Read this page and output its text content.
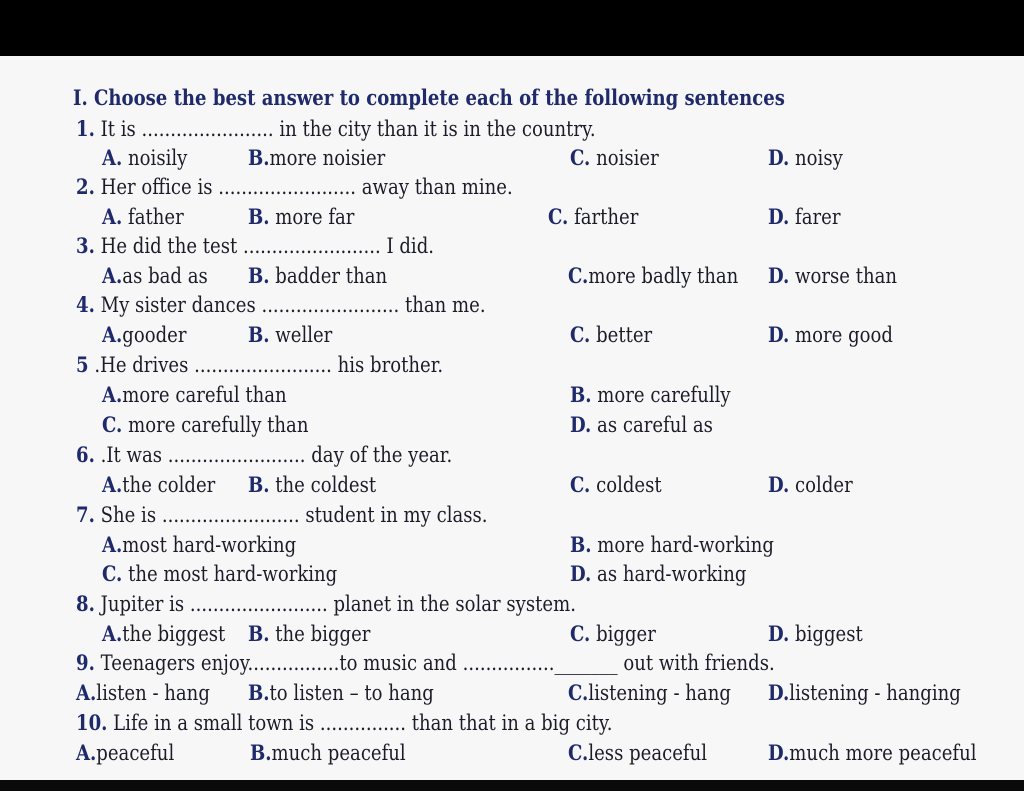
I. Choose the best answer to complete each of the following sentences
1. It is ....................... in the city than it is in the country.
A. noisily	B.more noisier	C. noisier	D. noisy
2. Her office is ........................ away than mine.
A. father	B. more far	C. farther	D. farer
3. He did the test ........................ I did.
A.as bad as B. badder than	C.more badly than D. worse than
4. My sister dances ........................ than me.
A.gooder	B. weller	C. better	D. more good
5 .He drives ........................ his brother.
A.more careful than	B. more carefully
C. more carefully than	D. as careful as
6. .It was ........................ day of the year.
A.the colder B. the coldest	C. coldest	D. colder
7. She is ........................ student in my class.
A.most hard-working	B. more hard-working
C. the most hard-working	D. as hard-working
8. Jupiter is ........................ planet in the solar system.
A.the biggest B. the bigger	C. bigger	D. biggest
9. Teenagers enjoy................to music and ................_______ out with friends.
A.listen - hang B.to listen – to hang	C.listening - hang D.listening - hanging
10. Life in a small town is ............... than that in a big city.
A.peaceful	B.much peaceful	C.less peaceful	D.much more peaceful
